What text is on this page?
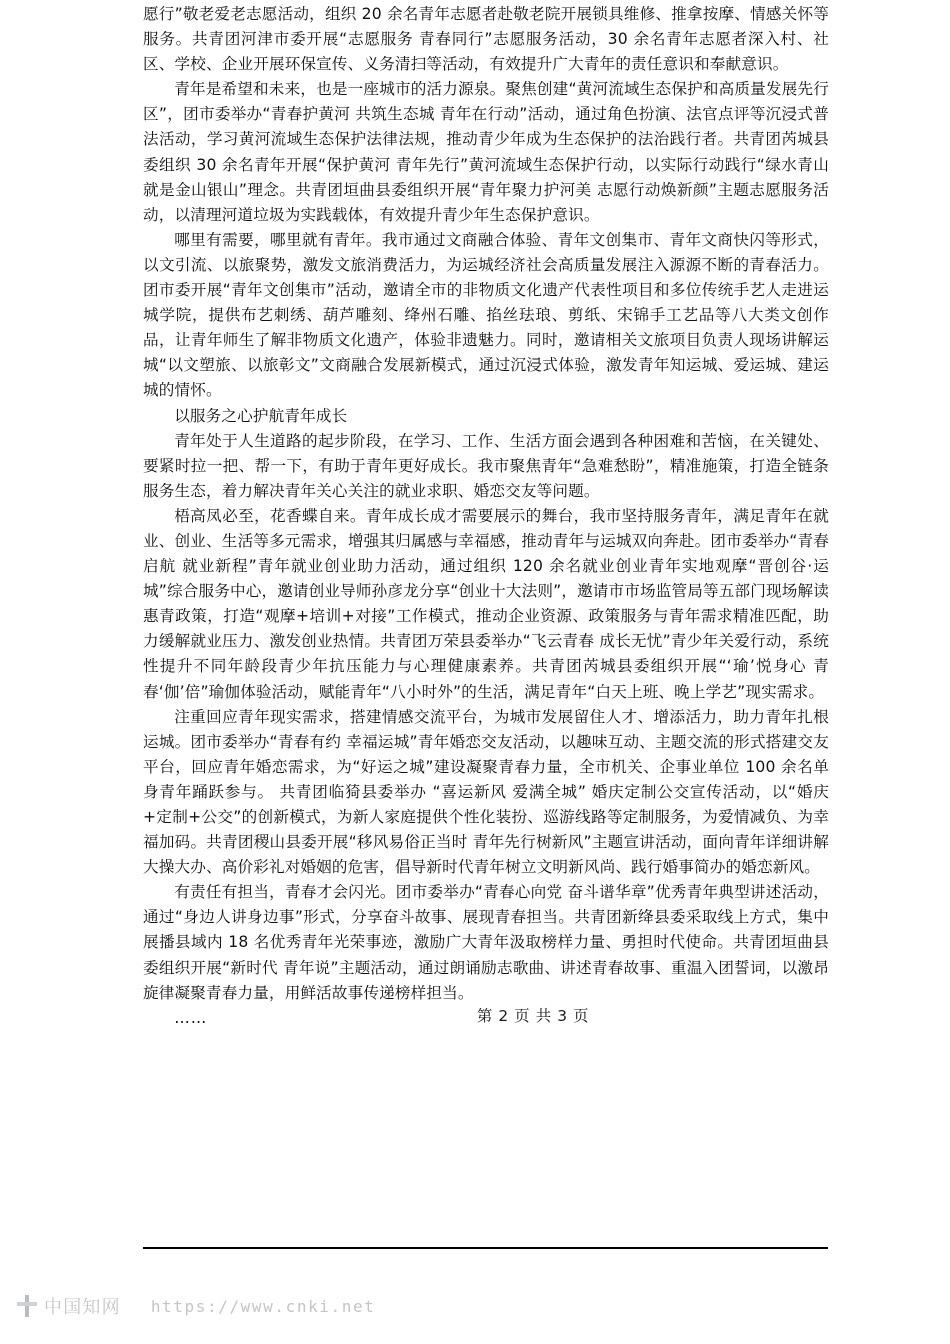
愿行”敬老爱老志愿活动，组织 20 余名青年志愿者赴敬老院开展锁具维修、推拿按摩、情感关怀等服务。共青团河津市委开展“志愿服务 青春同行”志愿服务活动，30 余名青年志愿者深入村、社区、学校、企业开展环保宣传、义务清扫等活动，有效提升广大青年的责任意识和奉献意识。

青年是希望和未来，也是一座城市的活力源泉。聚焦创建“黄河流域生态保护和高质量发展先行区”，团市委举办“青春护黄河 共筑生态城 青年在行动”活动，通过角色扮演、法官点评等沉浸式普法活动，学习黄河流域生态保护法律法规，推动青少年成为生态保护的法治践行者。共青团芮城县委组织 30 余名青年开展“保护黄河 青年先行”黄河流域生态保护行动，以实际行动践行“绿水青山就是金山银山”理念。共青团垣曲县委组织开展“青年聚力护河美 志愿行动焕新颜”主题志愿服务活动，以清理河道垃圾为实践载体，有效提升青少年生态保护意识。

哪里有需要，哪里就有青年。我市通过文商融合体验、青年文创集市、青年文商快闪等形式，以文引流、以旅聚势，激发文旅消费活力，为运城经济社会高质量发展注入源源不断的青春活力。团市委开展“青年文创集市”活动，邀请全市的非物质文化遗产代表性项目和多位传统手艺人走进运城学院，提供布艺刺绣、葫芦雕刻、绛州石雕、掐丝珐琅、剪纸、宋锦手工艺品等八大类文创作品，让青年师生了解非物质文化遗产，体验非遗魅力。同时，邀请相关文旅项目负责人现场讲解运城“以文塑旅、以旅彰文”文商融合发展新模式，通过沉浸式体验，激发青年知运城、爱运城、建运城的情怀。

以服务之心护航青年成长

青年处于人生道路的起步阶段，在学习、工作、生活方面会遇到各种困难和苦恼，在关键处、要紧时拉一把、帮一下，有助于青年更好成长。我市聚焦青年“急难愁盼”，精准施策，打造全链条服务生态，着力解决青年关心关注的就业求职、婚恋交友等问题。

梧高凤必至，花香蝶自来。青年成长成才需要展示的舞台，我市坚持服务青年，满足青年在就业、创业、生活等多元需求，增强其归属感与幸福感，推动青年与运城双向奔赴。团市委举办“青春启航 就业新程”青年就业创业助力活动，通过组织 120 余名就业创业青年实地观摩“晋创谷·运城”综合服务中心，邀请创业导师孙彦龙分享“创业十大法则”，邀请市市场监管局等五部门现场解读惠青政策，打造“观摩+培训+对接”工作模式，推动企业资源、政策服务与青年需求精准匹配，助力缓解就业压力、激发创业热情。共青团万荣县委举办“飞云青春 成长无忧”青少年关爱行动，系统性提升不同年龄段青少年抗压能力与心理健康素养。共青团芮城县委组织开展“‘瑜’悦身心 青春‘伽’倍”瑜伽体验活动，赋能青年“八小时外”的生活，满足青年“白天上班、晚上学艺”现实需求。

注重回应青年现实需求，搭建情感交流平台，为城市发展留住人才、增添活力，助力青年扎根运城。团市委举办“青春有约 幸福运城”青年婚恋交友活动，以趣味互动、主题交流的形式搭建交友平台，回应青年婚恋需求，为“好运之城”建设凝聚青春力量，全市机关、企事业单位 100 余名单身青年踊跃参与。 共青团临猗县委举办 “喜运新风 爱满全城” 婚庆定制公交宣传活动，以“婚庆+定制+公交”的创新模式，为新人家庭提供个性化装扮、巡游线路等定制服务，为爱情减负、为幸福加码。共青团稷山县委开展“移风易俗正当时 青年先行树新风”主题宣讲活动，面向青年详细讲解大操大办、高价彩礼对婚姻的危害，倡导新时代青年树立文明新风尚、践行婚事简办的婚恋新风。

有责任有担当，青春才会闪光。团市委举办“青春心向党 奋斗谱华章”优秀青年典型讲述活动，通过“身边人讲身边事”形式，分享奋斗故事、展现青春担当。共青团新绛县委采取线上方式，集中展播县域内 18 名优秀青年光荣事迹，激励广大青年汲取榜样力量、勇担时代使命。共青团垣曲县委组织开展“新时代 青年说”主题活动，通过朗诵励志歌曲、讲述青春故事、重温入团誓词，以激昂旋律凝聚青春力量，用鲜活故事传递榜样担当。

……	第 2 页 共 3 页
中国知网 https://www.cnki.net
